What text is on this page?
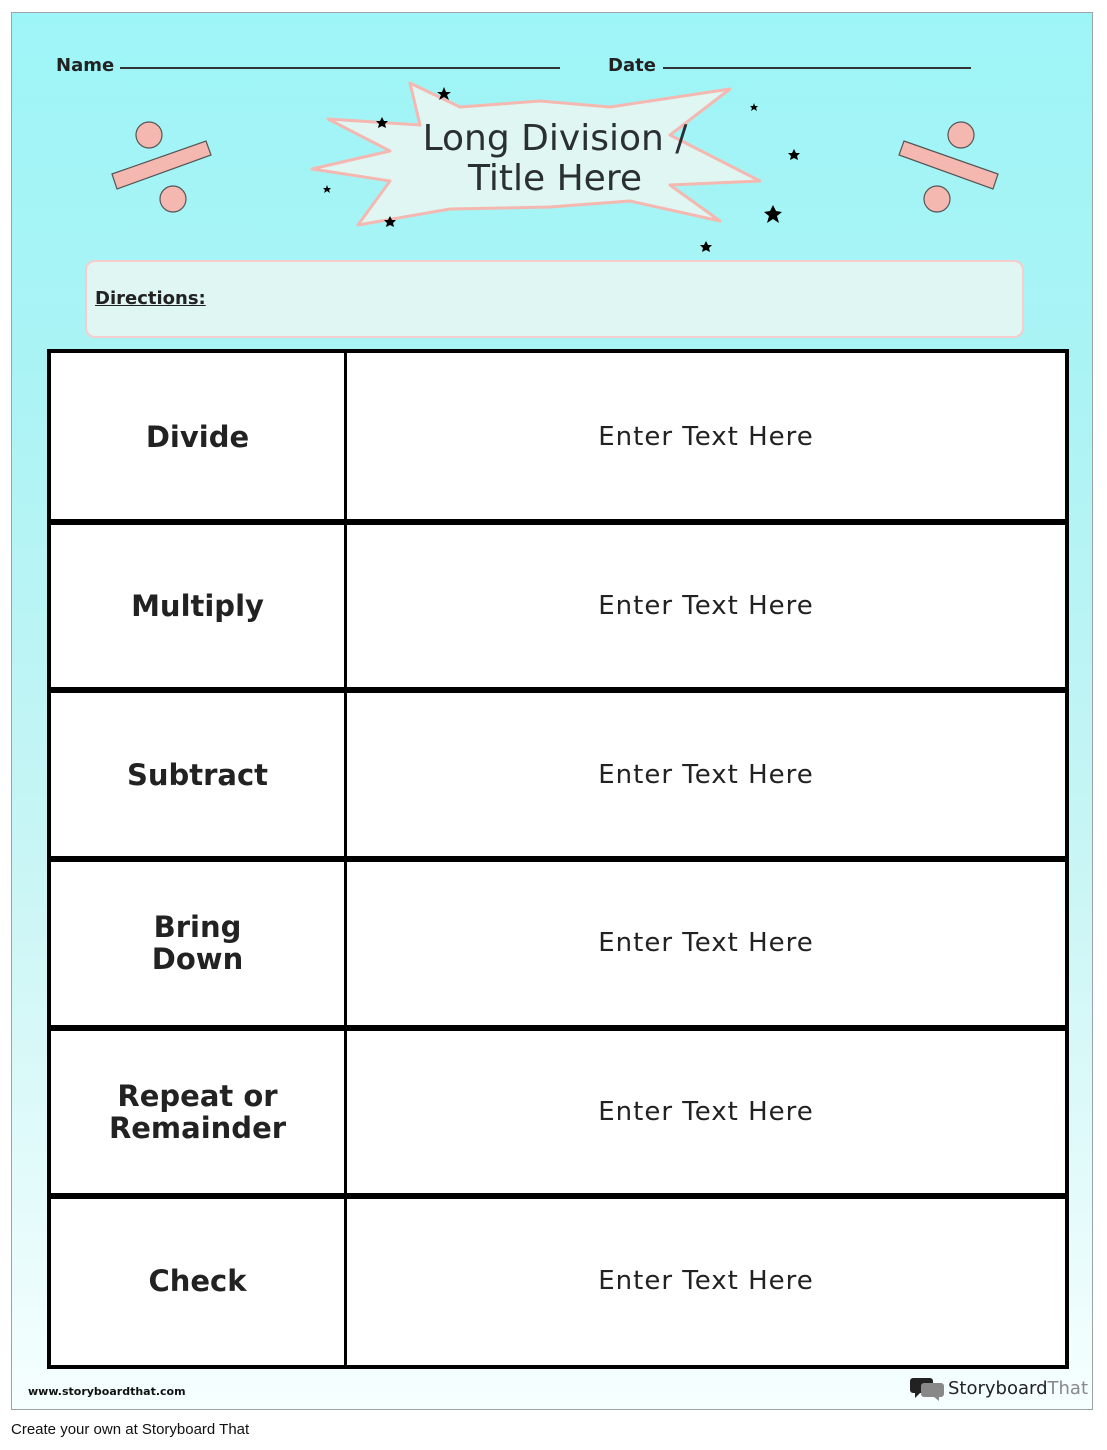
Name	Date
Long Division /
Title Here
Directions:
Divide	Enter Text Here
Multiply	Enter Text Here
Subtract	Enter Text Here
Bring
Down	Enter Text Here
Repeat or
Remainder	Enter Text Here
Check	Enter Text Here
www.storyboardthat.com	StoryboardThat
Create your own at Storyboard That
